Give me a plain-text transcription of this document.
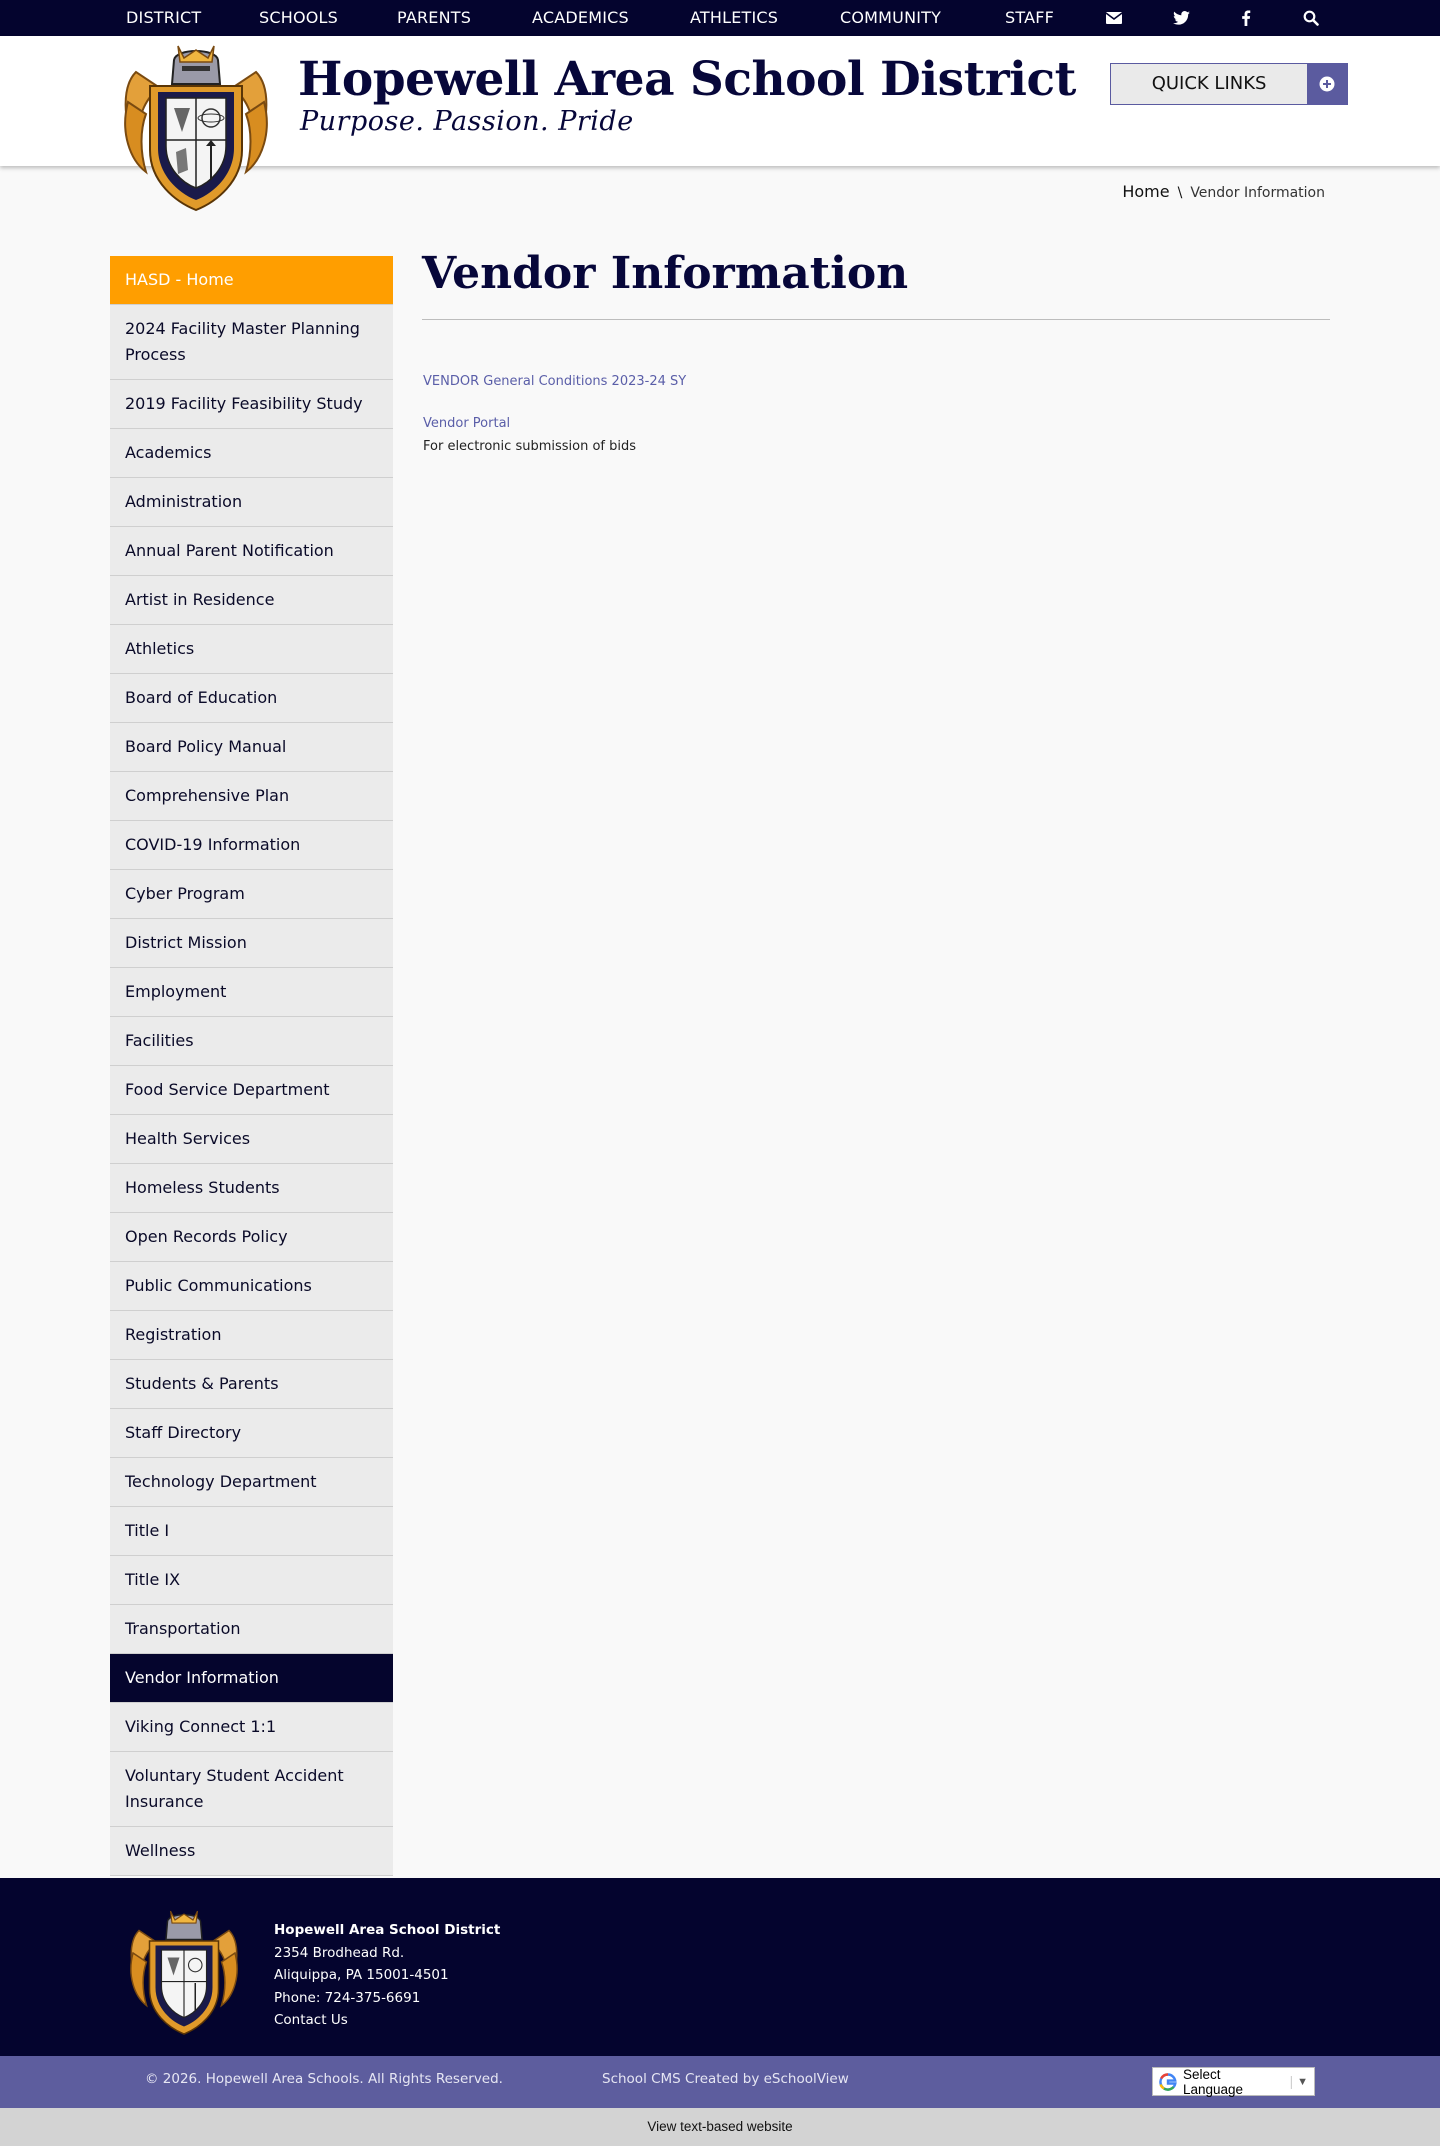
DISTRICT	SCHOOLS	PARENTS	ACADEMICS	ATHLETICS	COMMUNITY	STAFF
Hopewell Area School District
Purpose. Passion. Pride
QUICK LINKS
Home \ Vendor Information
HASD - Home
2024 Facility Master Planning Process
2019 Facility Feasibility Study
Academics
Administration
Annual Parent Notification
Artist in Residence
Athletics
Board of Education
Board Policy Manual
Comprehensive Plan
COVID-19 Information
Cyber Program
District Mission
Employment
Facilities
Food Service Department
Health Services
Homeless Students
Open Records Policy
Public Communications
Registration
Students & Parents
Staff Directory
Technology Department
Title I
Title IX
Transportation
Vendor Information
Viking Connect 1:1
Voluntary Student Accident Insurance
Wellness
Vendor Information
VENDOR General Conditions 2023-24 SY
Vendor Portal
For electronic submission of bids
Hopewell Area School District
2354 Brodhead Rd.
Aliquippa, PA 15001-4501
Phone: 724-375-6691
Contact Us
© 2026. Hopewell Area Schools. All Rights Reserved.	School CMS Created by eSchoolView	Select Language	| ▼
View text-based website
